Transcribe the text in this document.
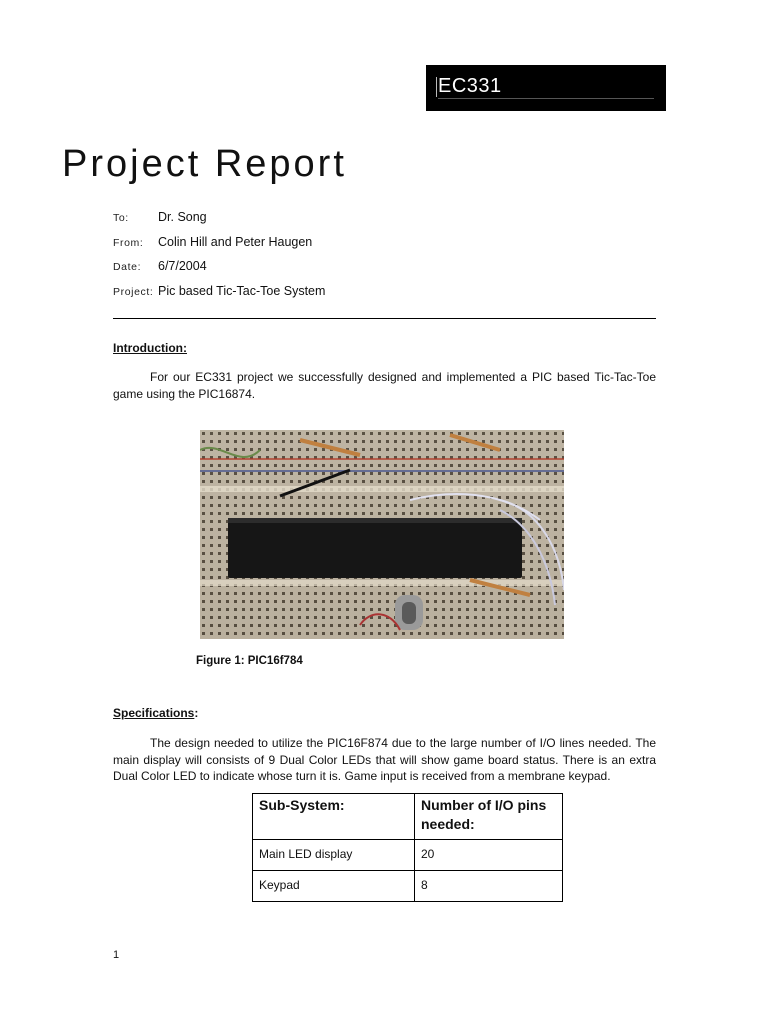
EC331
Project Report
To:	Dr. Song
From:	Colin Hill and Peter Haugen
Date:	6/7/2004
Project: Pic based Tic-Tac-Toe System
Introduction:

For our EC331 project we successfully designed and implemented a PIC based Tic-Tac-Toe game using the PIC16874.

Figure 1: PIC16f784
Specifications:

The design needed to utilize the PIC16F874 due to the large number of I/O lines needed. The main display will consists of 9 Dual Color LEDs that will show game board status. There is an extra Dual Color LED to indicate whose turn it is. Game input is received from a membrane keypad.

Sub-System:	Number of I/O pins needed:
Main LED display	20
Keypad	8
1
